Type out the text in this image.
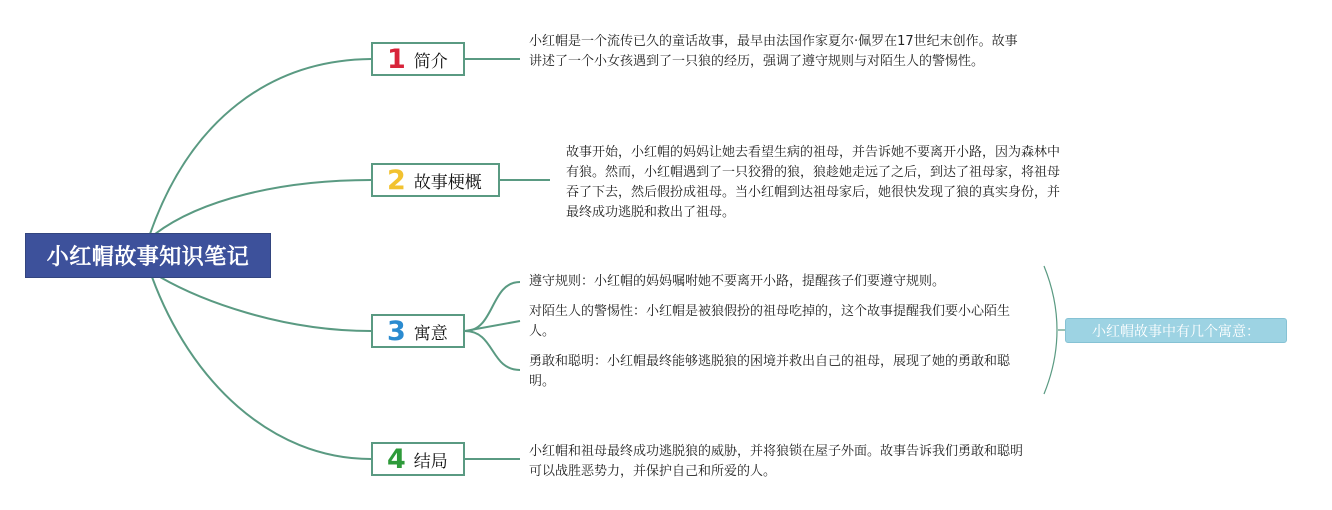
小红帽故事知识笔记
1 简介
2 故事梗概
3 寓意
4 结局
小红帽是一个流传已久的童话故事，最早由法国作家夏尔·佩罗在17世纪末创作。故事讲述了一个小女孩遇到了一只狼的经历，强调了遵守规则与对陌生人的警惕性。
故事开始，小红帽的妈妈让她去看望生病的祖母，并告诉她不要离开小路，因为森林中有狼。然而，小红帽遇到了一只狡猾的狼，狼趁她走远了之后，到达了祖母家，将祖母吞了下去，然后假扮成祖母。当小红帽到达祖母家后，她很快发现了狼的真实身份，并最终成功逃脱和救出了祖母。
遵守规则：小红帽的妈妈嘱咐她不要离开小路，提醒孩子们要遵守规则。
对陌生人的警惕性：小红帽是被狼假扮的祖母吃掉的，这个故事提醒我们要小心陌生人。
勇敢和聪明：小红帽最终能够逃脱狼的困境并救出自己的祖母，展现了她的勇敢和聪明。
小红帽和祖母最终成功逃脱狼的威胁，并将狼锁在屋子外面。故事告诉我们勇敢和聪明可以战胜恶势力，并保护自己和所爱的人。
小红帽故事中有几个寓意：
